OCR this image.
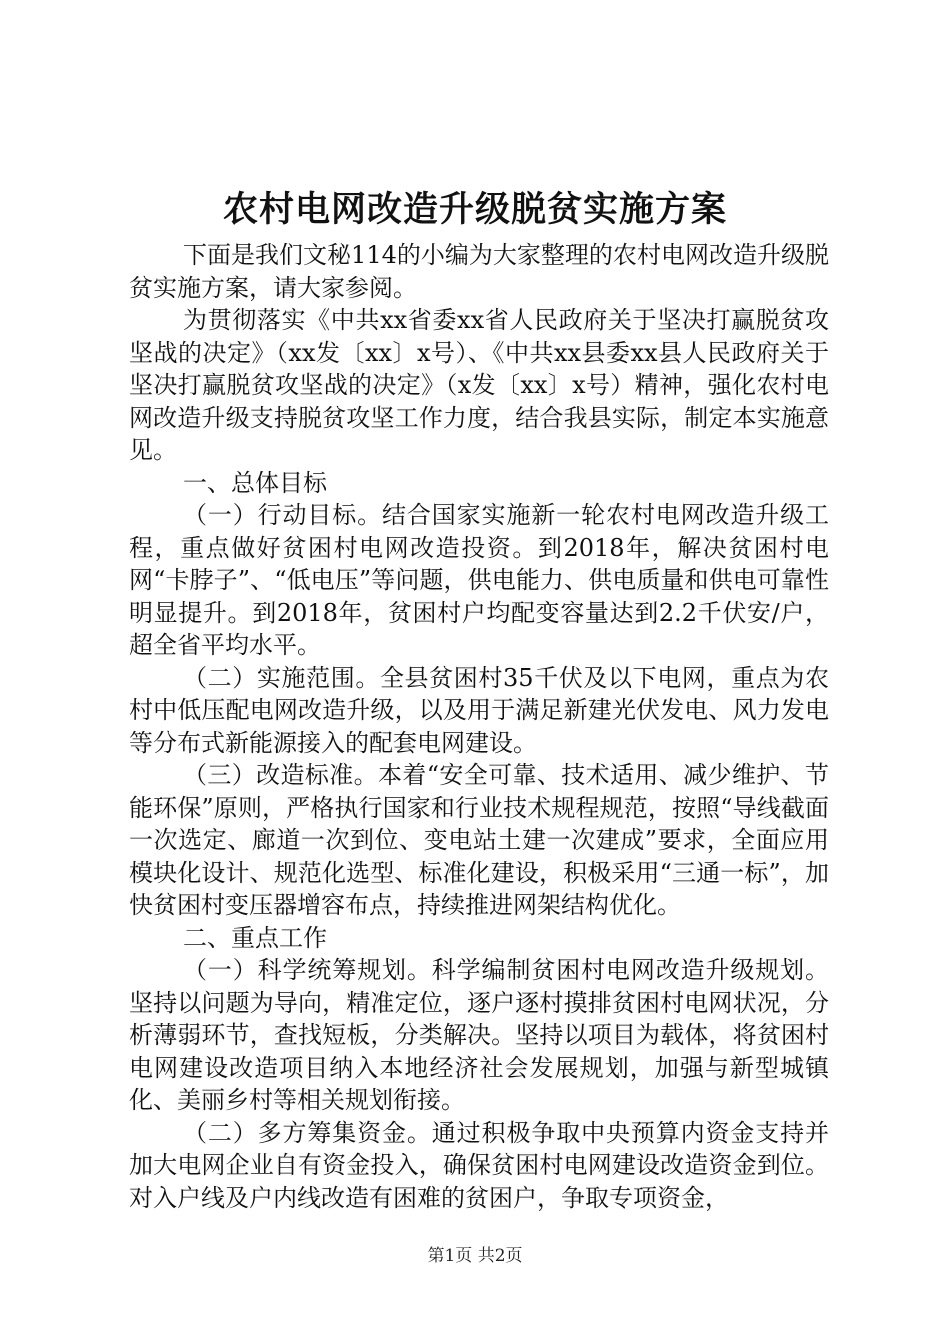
农村电网改造升级脱贫实施方案

下面是我们文秘114的小编为大家整理的农村电网改造升级脱贫实施方案，请大家参阅。

为贯彻落实《中共xx省委xx省人民政府关于坚决打赢脱贫攻坚战的决定》（xx发〔xx〕x号）、《中共xx县委xx县人民政府关于坚决打赢脱贫攻坚战的决定》（x发〔xx〕x号）精神，强化农村电网改造升级支持脱贫攻坚工作力度，结合我县实际，制定本实施意见。

一、总体目标

（一）行动目标。结合国家实施新一轮农村电网改造升级工程，重点做好贫困村电网改造投资。到2018年，解决贫困村电网“卡脖子”、“低电压”等问题，供电能力、供电质量和供电可靠性明显提升。到2018年，贫困村户均配变容量达到2.2千伏安/户，超全省平均水平。

（二）实施范围。全县贫困村35千伏及以下电网，重点为农村中低压配电网改造升级，以及用于满足新建光伏发电、风力发电等分布式新能源接入的配套电网建设。

（三）改造标准。本着“安全可靠、技术适用、减少维护、节能环保”原则，严格执行国家和行业技术规程规范，按照“导线截面一次选定、廊道一次到位、变电站土建一次建成”要求，全面应用模块化设计、规范化选型、标准化建设，积极采用“三通一标”，加快贫困村变压器增容布点，持续推进网架结构优化。

二、重点工作

（一）科学统筹规划。科学编制贫困村电网改造升级规划。坚持以问题为导向，精准定位，逐户逐村摸排贫困村电网状况，分析薄弱环节，查找短板，分类解决。坚持以项目为载体，将贫困村电网建设改造项目纳入本地经济社会发展规划，加强与新型城镇化、美丽乡村等相关规划衔接。

（二）多方筹集资金。通过积极争取中央预算内资金支持并加大电网企业自有资金投入，确保贫困村电网建设改造资金到位。对入户线及户内线改造有困难的贫困户，争取专项资金，

第1页 共2页
